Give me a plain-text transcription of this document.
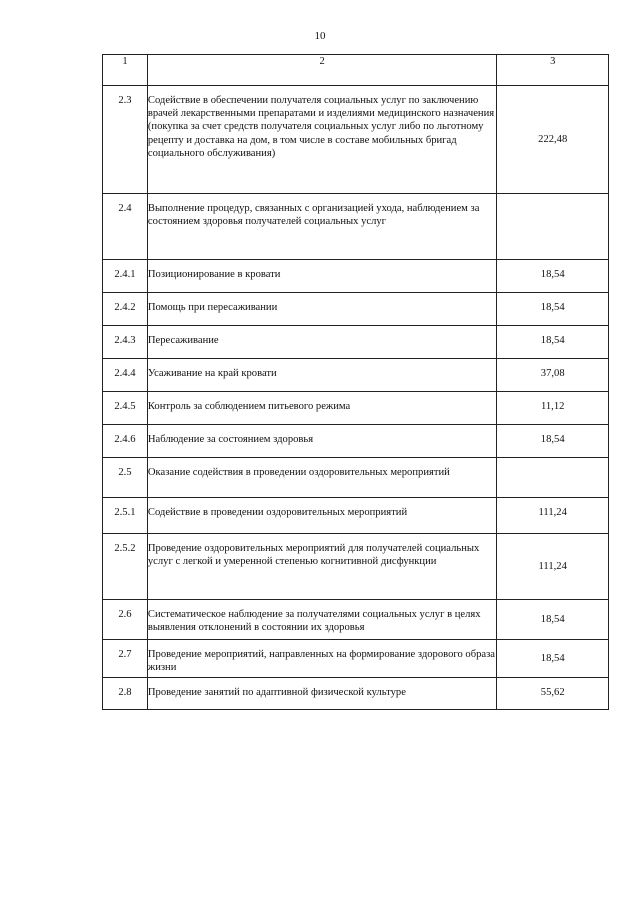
10
1	2	3

2.3	Содействие в обеспечении получателя социальных услуг по заключению врачей лекарственными препаратами и изделиями медицинского назначения (покупка за счет средств получателя социальных услуг либо по льготному рецепту и доставка на дом, в том числе в составе мобильных бригад социального обслуживания)	222,48

2.4	Выполнение процедур, связанных с организацией ухода, наблюдением за состоянием здоровья получателей социальных услуг	

2.4.1	Позиционирование в кровати	18,54

2.4.2	Помощь при пересаживании	18,54

2.4.3	Пересаживание	18,54

2.4.4	Усаживание на край кровати	37,08

2.4.5	Контроль за соблюдением питьевого режима	11,12

2.4.6	Наблюдение за состоянием здоровья	18,54

2.5	Оказание содействия в проведении оздоровительных мероприятий	

2.5.1	Содействие в проведении оздоровительных мероприятий	111,24

2.5.2	Проведение оздоровительных мероприятий для получателей социальных услуг с легкой и умеренной степенью когнитивной дисфункции	111,24

2.6	Систематическое наблюдение за получателями социальных услуг в целях выявления отклонений в состоянии их здоровья	18,54

2.7	Проведение мероприятий, направленных на формирование здорового образа жизни	18,54

2.8	Проведение занятий по адаптивной физической культуре	55,62
